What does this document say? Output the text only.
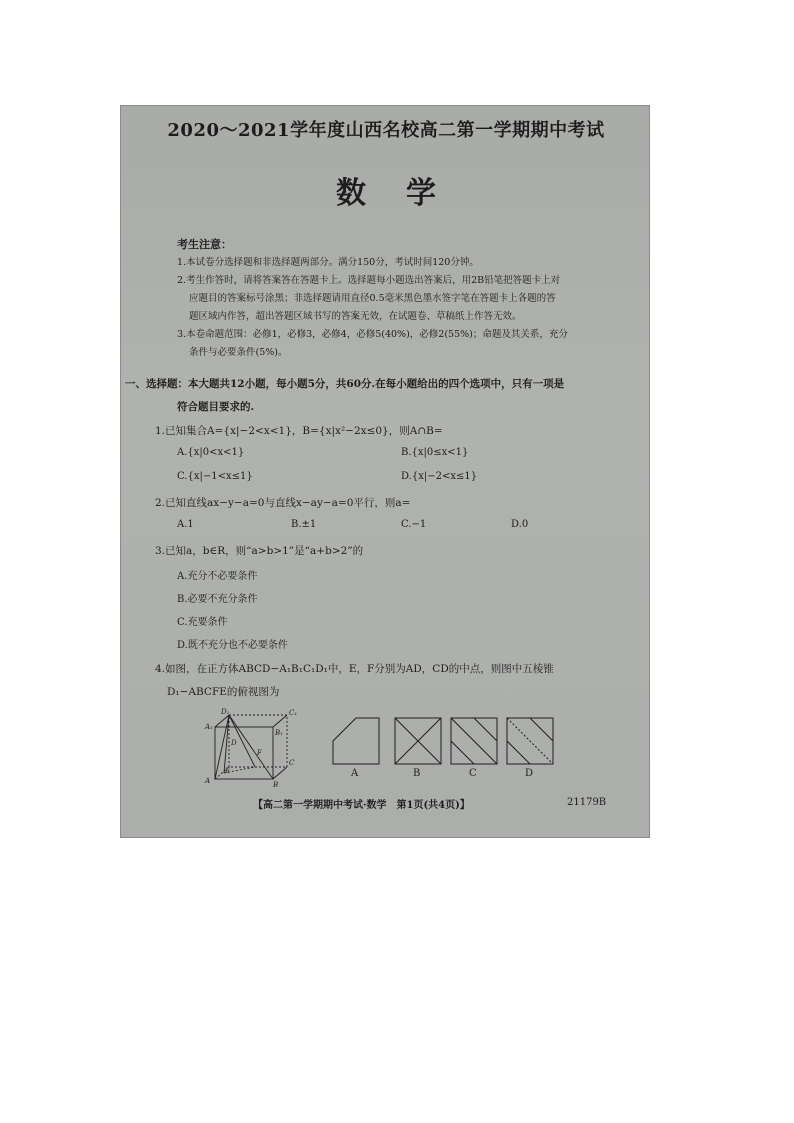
2020～2021学年度山西名校高二第一学期期中考试
数学
考生注意：
1.本试卷分选择题和非选择题两部分。满分150分，考试时间120分钟。
2.考生作答时，请将答案答在答题卡上。选择题每小题选出答案后，用2B铅笔把答题卡上对
应题目的答案标号涂黑；非选择题请用直径0.5毫米黑色墨水签字笔在答题卡上各题的答
题区域内作答，超出答题区域书写的答案无效，在试题卷、草稿纸上作答无效。
3.本卷命题范围：必修1，必修3，必修4，必修5(40%)，必修2(55%)；命题及其关系，充分
条件与必要条件(5%)。
一、选择题：本大题共12小题，每小题5分，共60分.在每小题给出的四个选项中，只有一项是
符合题目要求的.
1.已知集合A={x|−2<x<1}，B={x|x²−2x≤0}，则A∩B=
A.{x|0<x<1}	B.{x|0≤x<1}
C.{x|−1<x≤1}	D.{x|−2<x≤1}
2.已知直线ax−y−a=0与直线x−ay−a=0平行，则a=
A.1	B.±1	C.−1	D.0
3.已知a，b∈R，则“a>b>1”是“a+b>2”的
A.充分不必要条件
B.必要不充分条件
C.充要条件
D.既不充分也不必要条件
4.如图，在正方体ABCD−A₁B₁C₁D₁中，E，F分别为AD，CD的中点，则图中五棱锥
D₁−ABCFE的俯视图为
D₁	C₁
A₁
B₁
D
F
C
E
A	B
A	B	C	D
【高二第一学期期中考试·数学　第1页(共4页)】	21179B
